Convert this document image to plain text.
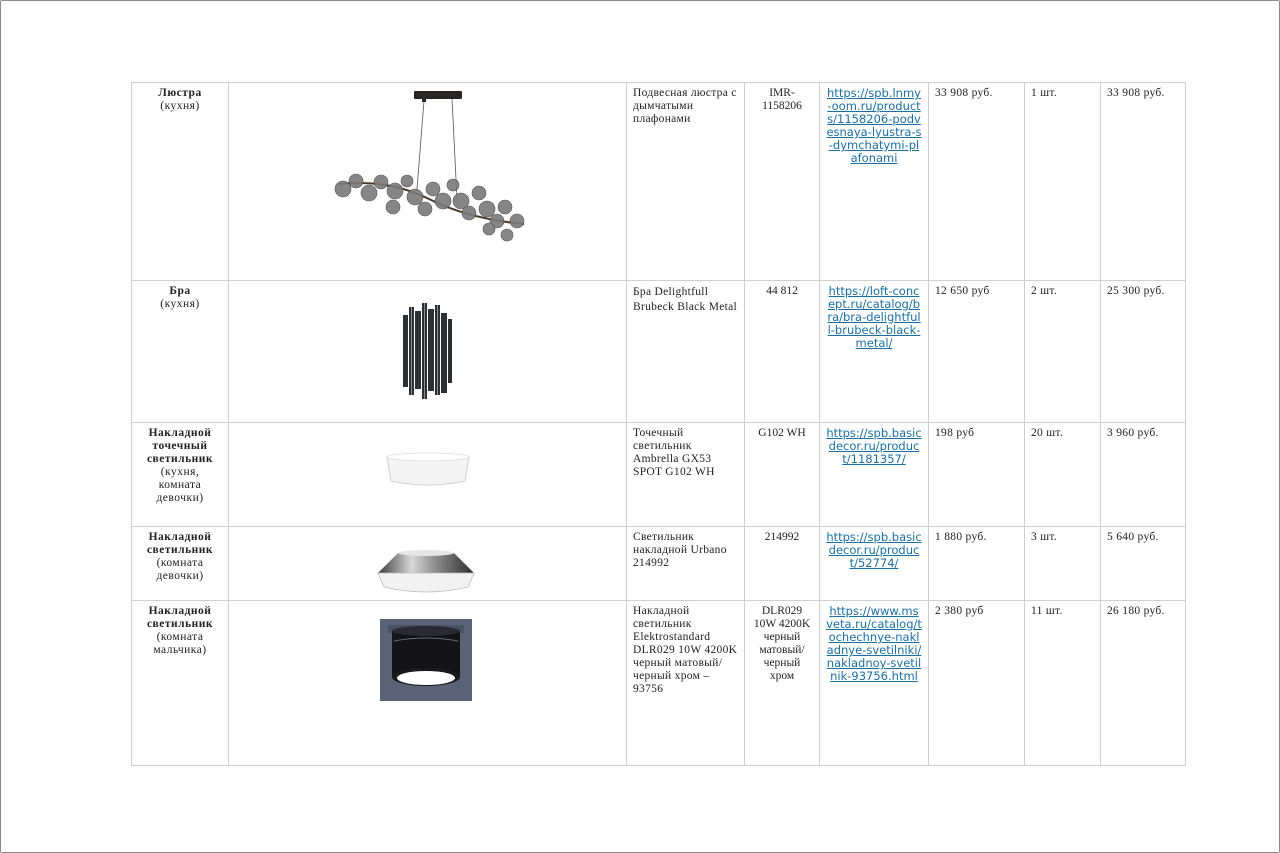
Люстра
(кухня)		Подвесная люстра с дымчатыми плафонами	IMR-1158206	https://spb.lnmy-oom.ru/products/1158206-podvesnaya-lyustra-s-dymchatymi-plafonami	33 908 руб.	1 шт.	33 908 руб.
Бра
(кухня)		Бра Delightfull Brubeck Black Metal	44 812	https://loft-concept.ru/catalog/bra/bra-delightfull-brubeck-black-metal/	12 650 руб	2 шт.	25 300 руб.
Накладной точечный светильник
(кухня, комната девочки)		Точечный светильник Ambrella GX53 SPOT G102 WH	G102 WH	https://spb.basicdecor.ru/product/1181357/	198 руб	20 шт.	3 960 руб.
Накладной светильник
(комната девочки)		Светильник накладной Urbano 214992	214992	https://spb.basicdecor.ru/product/52774/	1 880 руб.	3 шт.	5 640 руб.
Накладной светильник
(комната мальчика)		Накладной светильник Elektrostandard DLR029 10W 4200K черный матовый/черный хром – 93756	DLR029 10W 4200K черный матовый/черный хром	https://www.msveta.ru/catalog/tochechnye-nakladnye-svetilniki/nakladnoy-svetilnik-93756.html	2 380 руб	11 шт.	26 180 руб.
